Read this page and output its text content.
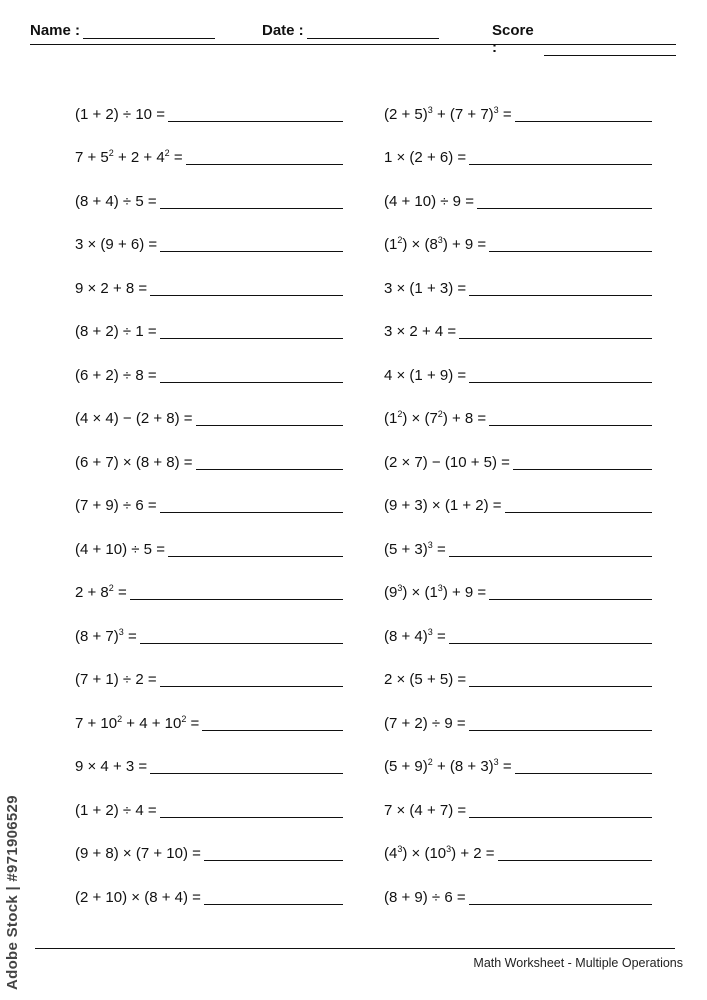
Name :	Date :	Score :
(1 + 2) ÷ 10 =
$7 + 5^2 + 2 + 4^2$ =
(8 + 4) ÷ 5 =
3 × (9 + 6) =
9 × 2 + 8 =
(8 + 2) ÷ 1 =
(6 + 2) ÷ 8 =
(4 × 4) − (2 + 8) =
(6 + 7) × (8 + 8) =
(7 + 9) ÷ 6 =
(4 + 10) ÷ 5 =
$2 + 8^2$ =
$(8 + 7)^3$ =
(7 + 1) ÷ 2 =
$7 + 10^2 + 4 + 10^2$ =
9 × 4 + 3 =
(1 + 2) ÷ 4 =
(9 + 8) × (7 + 10) =
(2 + 10) × (8 + 4) =
$(2 + 5)^3 + (7 + 7)^3$ =
1 × (2 + 6) =
(4 + 10) ÷ 9 =
$(1^2) \times (8^3) + 9$ =
3 × (1 + 3) =
3 × 2 + 4 =
4 × (1 + 9) =
$(1^2) \times (7^2) + 8$ =
(2 × 7) − (10 + 5) =
(9 + 3) × (1 + 2) =
$(5 + 3)^3$ =
$(9^3) \times (1^3) + 9$ =
$(8 + 4)^3$ =
2 × (5 + 5) =
(7 + 2) ÷ 9 =
$(5 + 9)^2 + (8 + 3)^3$ =
7 × (4 + 7) =
$(4^3) \times (10^3) + 2$ =
(8 + 9) ÷ 6 =
Math Worksheet - Multiple Operations
Adobe Stock | #971906529
